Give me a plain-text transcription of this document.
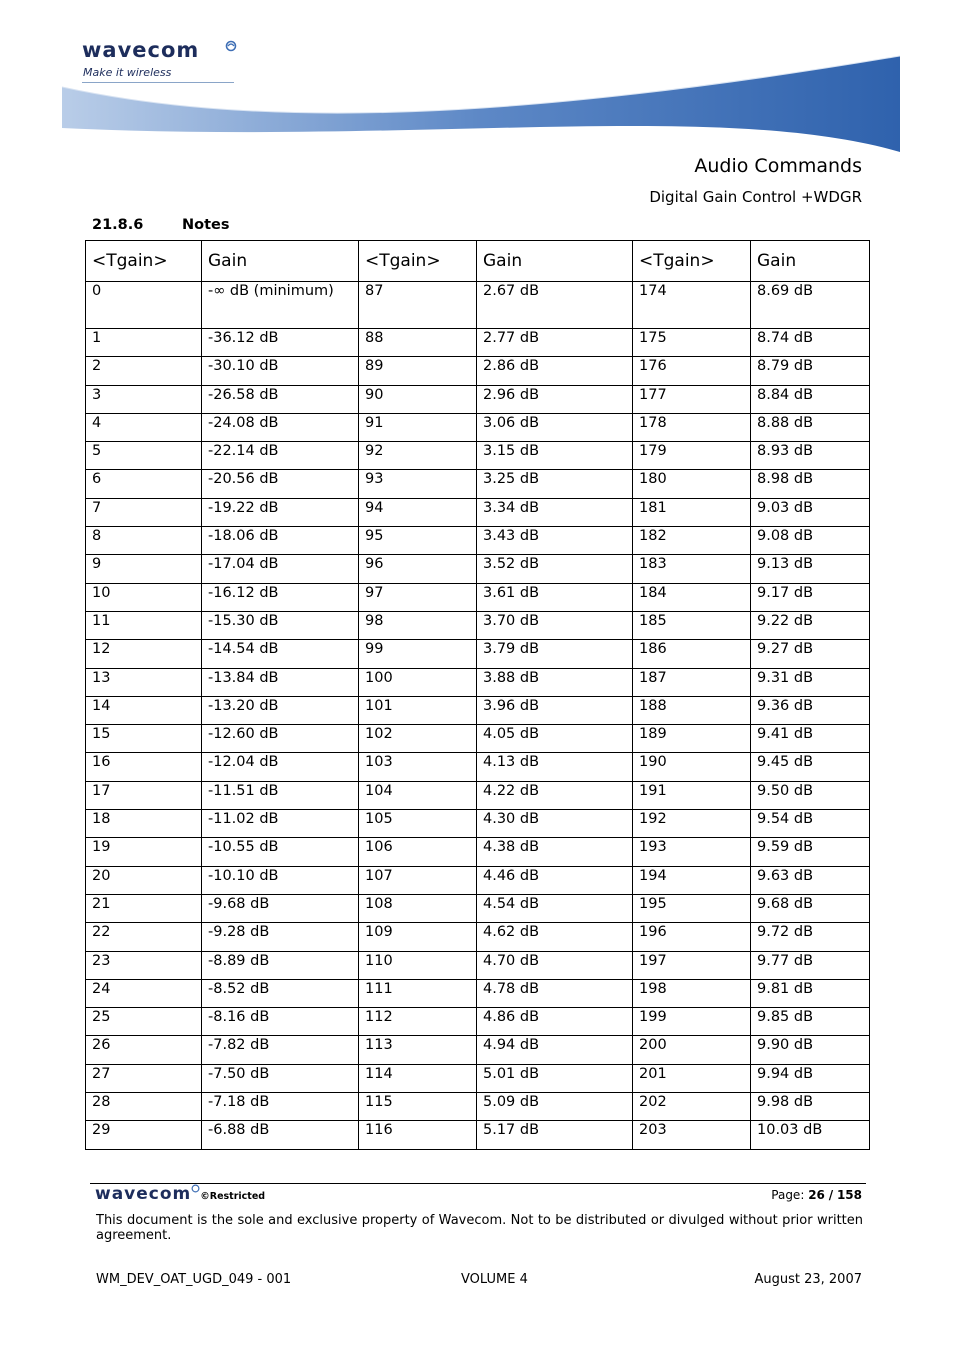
wavecom
Make it wireless
Audio Commands
Digital Gain Control +WDGR
21.8.6	Notes
<Tgain>	Gain	<Tgain>	Gain	<Tgain>	Gain
0	-∞ dB (minimum)	87	2.67 dB	174	8.69 dB
1	-36.12 dB	88	2.77 dB	175	8.74 dB
2	-30.10 dB	89	2.86 dB	176	8.79 dB
3	-26.58 dB	90	2.96 dB	177	8.84 dB
4	-24.08 dB	91	3.06 dB	178	8.88 dB
5	-22.14 dB	92	3.15 dB	179	8.93 dB
6	-20.56 dB	93	3.25 dB	180	8.98 dB
7	-19.22 dB	94	3.34 dB	181	9.03 dB
8	-18.06 dB	95	3.43 dB	182	9.08 dB
9	-17.04 dB	96	3.52 dB	183	9.13 dB
10	-16.12 dB	97	3.61 dB	184	9.17 dB
11	-15.30 dB	98	3.70 dB	185	9.22 dB
12	-14.54 dB	99	3.79 dB	186	9.27 dB
13	-13.84 dB	100	3.88 dB	187	9.31 dB
14	-13.20 dB	101	3.96 dB	188	9.36 dB
15	-12.60 dB	102	4.05 dB	189	9.41 dB
16	-12.04 dB	103	4.13 dB	190	9.45 dB
17	-11.51 dB	104	4.22 dB	191	9.50 dB
18	-11.02 dB	105	4.30 dB	192	9.54 dB
19	-10.55 dB	106	4.38 dB	193	9.59 dB
20	-10.10 dB	107	4.46 dB	194	9.63 dB
21	-9.68 dB	108	4.54 dB	195	9.68 dB
22	-9.28 dB	109	4.62 dB	196	9.72 dB
23	-8.89 dB	110	4.70 dB	197	9.77 dB
24	-8.52 dB	111	4.78 dB	198	9.81 dB
25	-8.16 dB	112	4.86 dB	199	9.85 dB
26	-7.82 dB	113	4.94 dB	200	9.90 dB
27	-7.50 dB	114	5.01 dB	201	9.94 dB
28	-7.18 dB	115	5.09 dB	202	9.98 dB
29	-6.88 dB	116	5.17 dB	203	10.03 dB
wavecom ©Restricted	Page: 26 / 158
This document is the sole and exclusive property of Wavecom. Not to be distributed or divulged without prior written agreement.
WM_DEV_OAT_UGD_049 - 001	VOLUME 4	August 23, 2007
